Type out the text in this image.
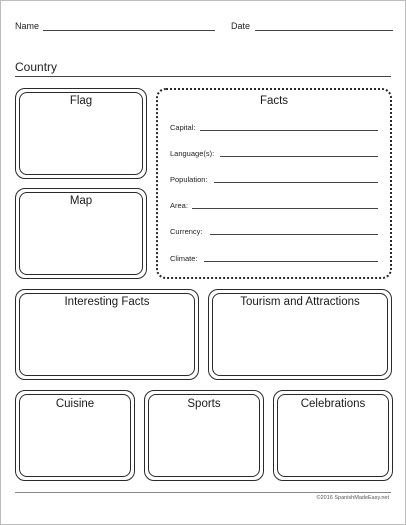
Name	Date
Country
Flag
Map
Facts
Capital:
Language(s):
Population:
Area:
Currency:
Climate:
Interesting Facts	Tourism and Attractions
Cuisine	Sports	Celebrations
©2016 SpanishMadeEasy.net
